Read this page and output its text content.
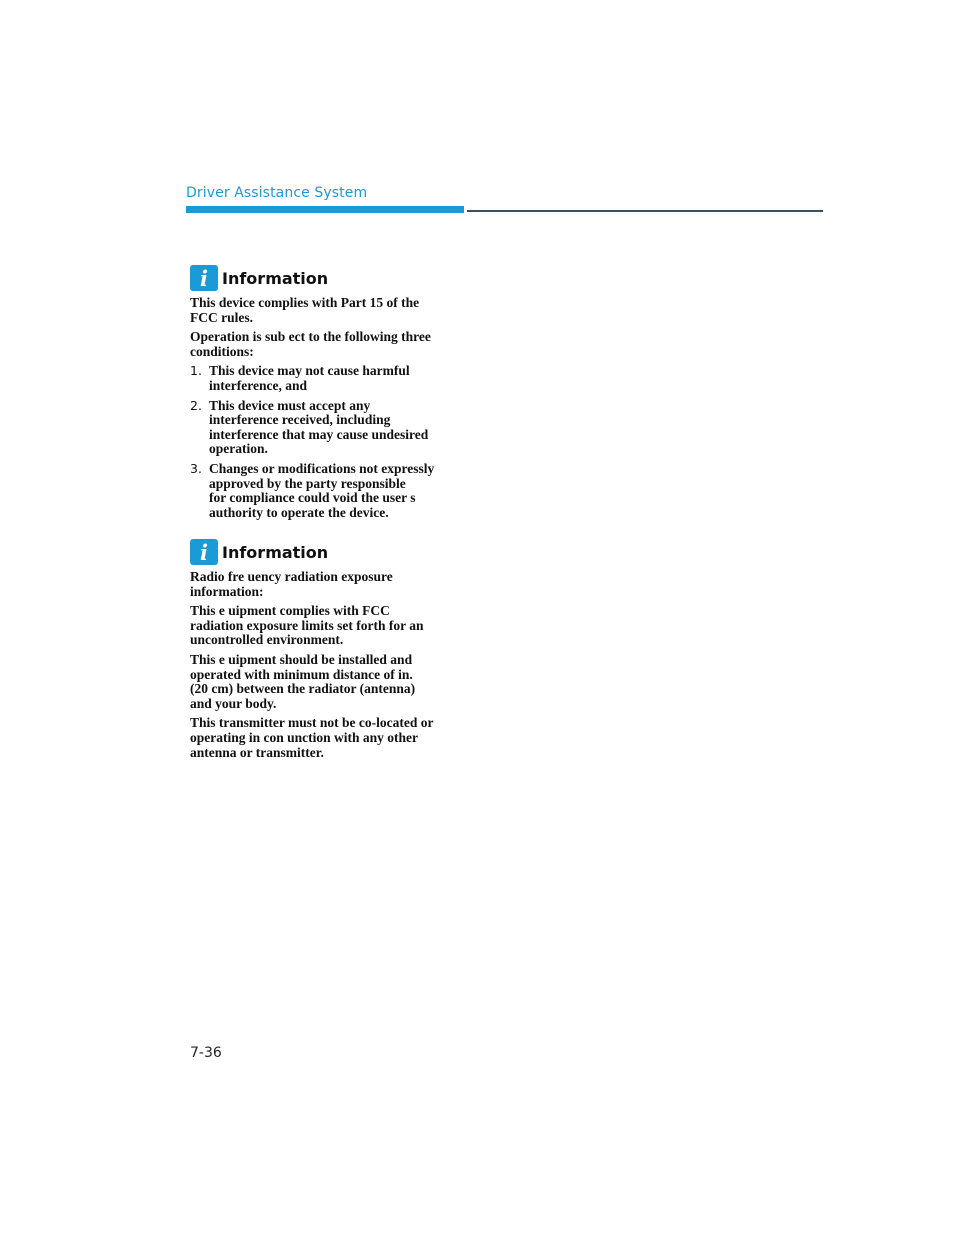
Driver Assistance System
i Information

This device complies with Part 15 of the
FCC rules.

Operation is sub ect to the following three
conditions:

1. This device may not cause harmful
interference, and
2. This device must accept any
interference received, including
interference that may cause undesired
operation.
3. Changes or modifications not expressly
approved by the party responsible
for compliance could void the user s
authority to operate the device.
i Information

Radio fre uency radiation exposure
information:

This e uipment complies with FCC
radiation exposure limits set forth for an
uncontrolled environment.

This e uipment should be installed and
operated with minimum distance of in.
(20 cm) between the radiator (antenna)
and your body.

This transmitter must not be co-located or
operating in con unction with any other
antenna or transmitter.

7-36
